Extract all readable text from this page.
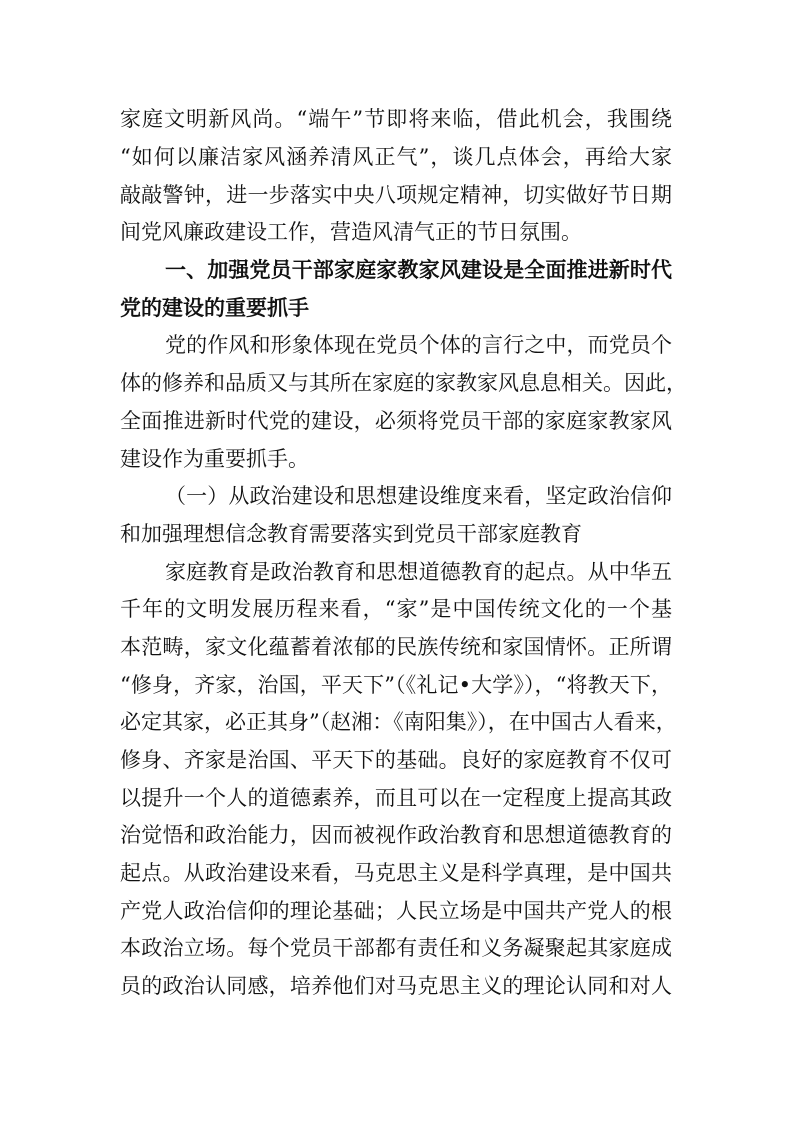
家庭文明新风尚。“端午”节即将来临，借此机会，我围绕
“如何以廉洁家风涵养清风正气”，谈几点体会，再给大家
敲敲警钟，进一步落实中央八项规定精神，切实做好节日期
间党风廉政建设工作，营造风清气正的节日氛围。
一、加强党员干部家庭家教家风建设是全面推进新时代
党的建设的重要抓手
党的作风和形象体现在党员个体的言行之中，而党员个
体的修养和品质又与其所在家庭的家教家风息息相关。因此，
全面推进新时代党的建设，必须将党员干部的家庭家教家风
建设作为重要抓手。
（一）从政治建设和思想建设维度来看，坚定政治信仰
和加强理想信念教育需要落实到党员干部家庭教育
家庭教育是政治教育和思想道德教育的起点。从中华五
千年的文明发展历程来看，“家”是中国传统文化的一个基
本范畴，家文化蕴蓄着浓郁的民族传统和家国情怀。正所谓
“修身，齐家，治国，平天下”（《礼记•大学》），“将教天下，
必定其家，必正其身”（赵湘：《南阳集》），在中国古人看来，
修身、齐家是治国、平天下的基础。良好的家庭教育不仅可
以提升一个人的道德素养，而且可以在一定程度上提高其政
治觉悟和政治能力，因而被视作政治教育和思想道德教育的
起点。从政治建设来看，马克思主义是科学真理，是中国共
产党人政治信仰的理论基础；人民立场是中国共产党人的根
本政治立场。每个党员干部都有责任和义务凝聚起其家庭成
员的政治认同感，培养他们对马克思主义的理论认同和对人
